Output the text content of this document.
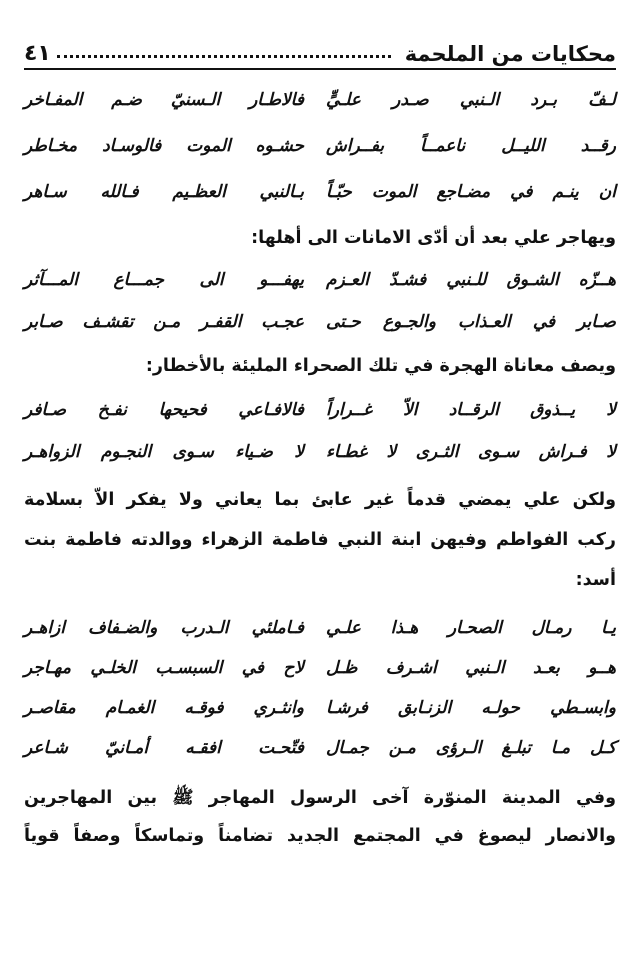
محكايات من الملحمة
٤١
لـفّ بـرد الـنبي صـدر علـيٍّ
فالاطـار الـسنيّ ضـم المفـاخر
رقــد الليــل ناعمــاً بفــراش
حشـوه الموت فالوسـاد مخـاطر
ان ينـم في مضـاجع الموت حبّـاً
بـالنبي العظـيم فـالله سـاهر
ويهاجر علي بعد أن أدّى الامانات الى أهلها:
هــزّه الشـوق للـنبي فشـدّ العـزم
يهفـــو الى جمـــاع المـــآثر
صـابر في العـذاب والجـوع حـتى
عجـب القفـر مـن تقشـف صـابر
ويصف معاناة الهجرة في تلك الصحراء المليئة بالأخطار:
لا يــذوق الرقــاد الاّ غــراراً
فالافـاعي فحيحها نفـخ صـافر
لا فـراش سـوى الثـرى لا غطـاء
لا ضـياء سـوى النجـوم الزواهـر
ولكن علي يمضي قدماً غير عابئ بما يعاني ولا يفكر الاّ بسلامة
ركب الفواطم وفيهن ابنة النبي فاطمة الزهراء ووالدته فاطمة بنت
أسد:
يـا رمـال الصحـار هـذا علـي
فـاملئي الـدرب والضـفاف ازاهـر
هــو بعـد الـنبي اشـرف ظـل
لاح في السبسـب الخلـي مهـاجر
وابسـطي حولـه الزنـابق فرشـا
وانثـري فوقـه الغمـام مقاصـر
كـل مـا تبلـغ الـرؤى مـن جمـال
فتّحـت افقـه أمـانيّ شـاعر
وفي المدينة المنوّرة آخى الرسول المهاجر ﷺ بين المهاجرين
والانصار ليصوغ في المجتمع الجديد تضامناً وتماسكاً وصفاً قوياً
